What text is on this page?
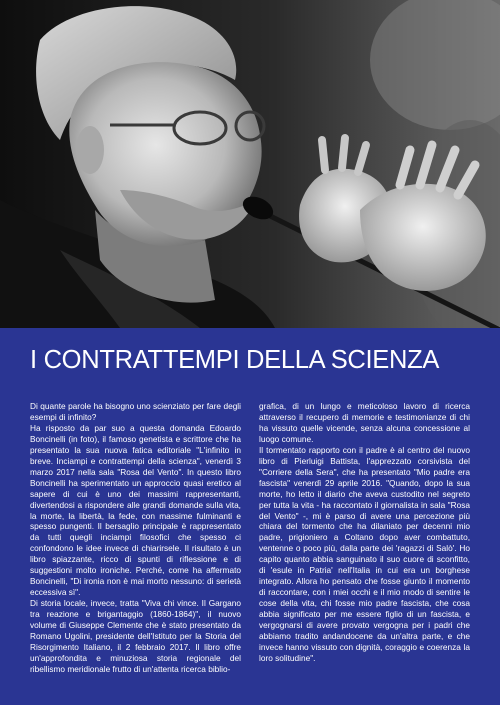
I CONTRATTEMPI DELLA SCIENZA

Di quante parole ha bisogno uno scienziato per fare degli esempi di infinito?

Ha risposto da par suo a questa domanda Edoardo Boncinelli (in foto), il famoso genetista e scrittore che ha presentato la sua nuova fatica editoriale "L'infinito in breve. Inciampi e contrattempi della scienza", venerdì 3 marzo 2017 nella sala "Rosa del Vento". In questo libro Boncinelli ha sperimentato un approccio quasi eretico al sapere di cui è uno dei massimi rappresentanti, divertendosi a rispondere alle grandi domande sulla vita, la morte, la libertà, la fede, con massime fulminanti e spesso pungenti. Il bersaglio principale è rappresentato da tutti quegli inciampi filosofici che spesso ci confondono le idee invece di chiarirsele. Il risultato è un libro spiazzante, ricco di spunti di riflessione e di suggestioni molto ironiche. Perché, come ha affermato Boncinelli, "Di ironia non è mai morto nessuno: di serietà eccessiva sì".

Di storia locale, invece, tratta "Viva chi vince. Il Gargano tra reazione e brigantaggio (1860-1864)", il nuovo volume di Giuseppe Clemente che è stato presentato da Romano Ugolini, presidente dell'Istituto per la Storia del Risorgimento Italiano, il 2 febbraio 2017. Il libro offre un'approfondita e minuziosa storia regionale del ribellismo meridionale frutto di un'attenta ricerca biblio-

grafica, di un lungo e meticoloso lavoro di ricerca attraverso il recupero di memorie e testimonianze di chi ha vissuto quelle vicende, senza alcuna concessione al luogo comune.

Il tormentato rapporto con il padre è al centro del nuovo libro di Pierluigi Battista, l'apprezzato corsivista del "Corriere della Sera", che ha presentato "Mio padre era fascista" venerdì 29 aprile 2016. "Quando, dopo la sua morte, ho letto il diario che aveva custodito nel segreto per tutta la vita - ha raccontato il giornalista in sala "Rosa del Vento" -, mi è parso di avere una percezione più chiara del tormento che ha dilaniato per decenni mio padre, prigioniero a Coltano dopo aver combattuto, ventenne o poco più, dalla parte dei 'ragazzi di Salò'. Ho capito quanto abbia sanguinato il suo cuore di sconfitto, di 'esule in Patria' nell'Italia in cui era un borghese integrato. Allora ho pensato che fosse giunto il momento di raccontare, con i miei occhi e il mio modo di sentire le cose della vita, chi fosse mio padre fascista, che cosa abbia significato per me essere figlio di un fascista, e vergognarsi di avere provato vergogna per i padri che abbiamo tradito andandocene da un'altra parte, e che invece hanno vissuto con dignità, coraggio e coerenza la loro solitudine".
